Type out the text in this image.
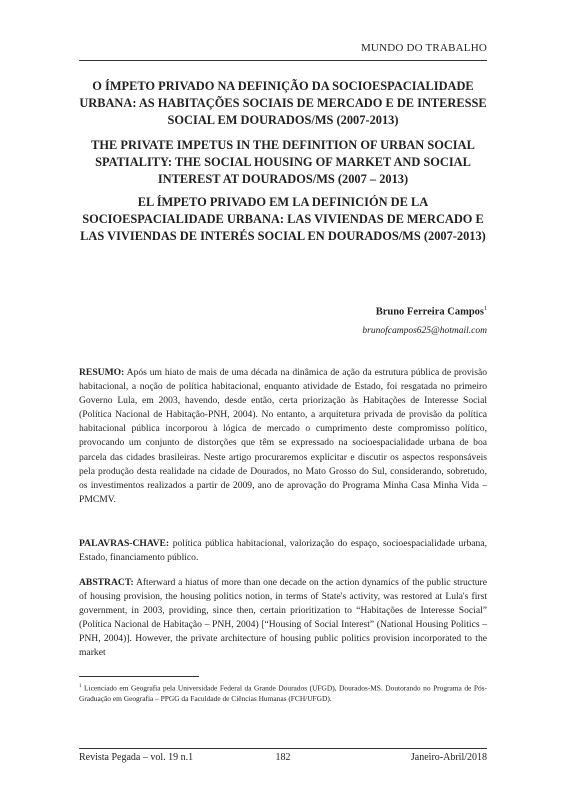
MUNDO DO TRABALHO
O ÍMPETO PRIVADO NA DEFINIÇÃO DA SOCIOESPACIALIDADE URBANA: AS HABITAÇÕES SOCIAIS DE MERCADO E DE INTERESSE SOCIAL EM DOURADOS/MS (2007-2013)
THE PRIVATE IMPETUS IN THE DEFINITION OF URBAN SOCIAL SPATIALITY: THE SOCIAL HOUSING OF MARKET AND SOCIAL INTEREST AT DOURADOS/MS (2007 – 2013)
EL ÍMPETO PRIVADO EM LA DEFINICIÓN DE LA SOCIOESPACIALIDADE URBANA: LAS VIVIENDAS DE MERCADO E LAS VIVIENDAS DE INTERÉS SOCIAL EN DOURADOS/MS (2007-2013)
Bruno Ferreira Campos$^1$
brunofcampos625@hotmail.com
RESUMO: Após um hiato de mais de uma década na dinâmica de ação da estrutura pública de provisão habitacional, a noção de política habitacional, enquanto atividade de Estado, foi resgatada no primeiro Governo Lula, em 2003, havendo, desde então, certa priorização às Habitações de Interesse Social (Política Nacional de Habitação-PNH, 2004). No entanto, a arquitetura privada de provisão da política habitacional pública incorporou à lógica de mercado o cumprimento deste compromisso político, provocando um conjunto de distorções que têm se expressado na socioespacialidade urbana de boa parcela das cidades brasileiras. Neste artigo procuraremos explicitar e discutir os aspectos responsáveis pela produção desta realidade na cidade de Dourados, no Mato Grosso do Sul, considerando, sobretudo, os investimentos realizados a partir de 2009, ano de aprovação do Programa Minha Casa Minha Vida – PMCMV.
PALAVRAS-CHAVE: política pública habitacional, valorização do espaço, socioespacialidade urbana, Estado, financiamento público.
ABSTRACT: Afterward a hiatus of more than one decade on the action dynamics of the public structure of housing provision, the housing politics notion, in terms of State's activity, was restored at Lula's first government, in 2003, providing, since then, certain prioritization to “Habitações de Interesse Social” (Política Nacional de Habitação – PNH, 2004) [“Housing of Social Interest” (National Housing Politics – PNH, 2004)]. However, the private architecture of housing public politics provision incorporated to the market
$^1$ Licenciado em Geografia pela Universidade Federal da Grande Dourados (UFGD), Dourados-MS. Doutorando no Programa de Pós-Graduação em Geografia – PPGG da Faculdade de Ciências Humanas (FCH/UFGD).
Revista Pegada – vol. 19 n.1	182	Janeiro-Abril/2018
